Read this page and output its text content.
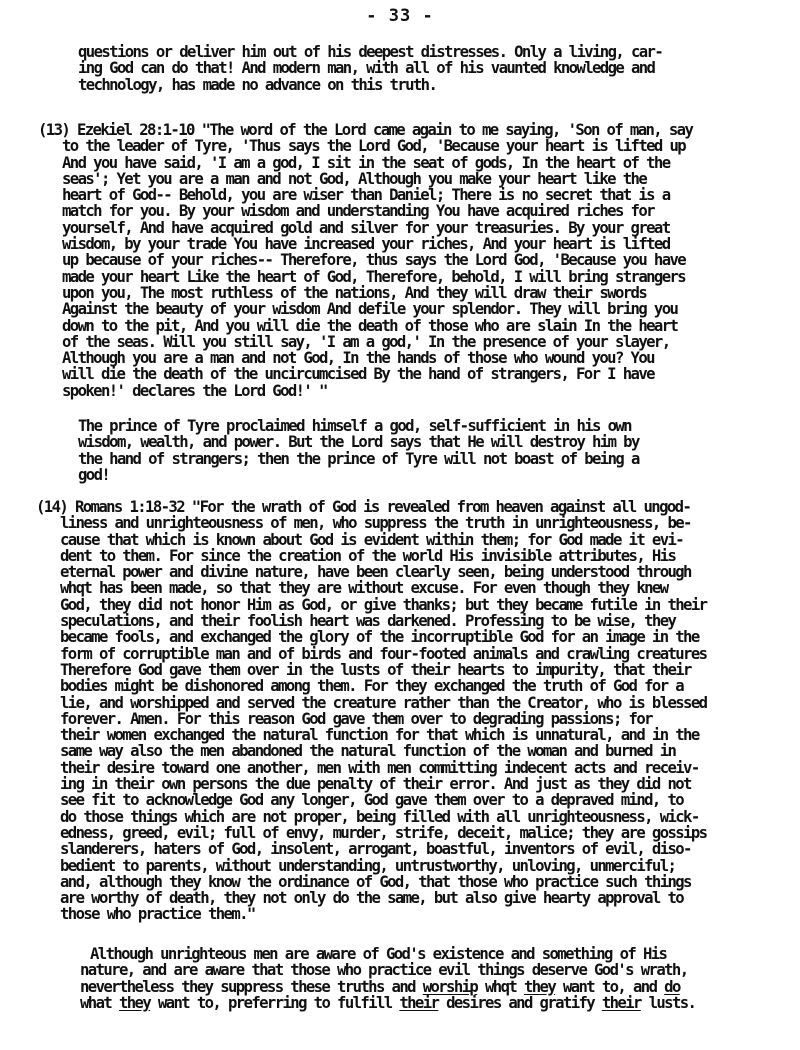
- 33 -
questions or deliver him out of his deepest distresses. Only a living, car-
ing God can do that! And modern man, with all of his vaunted knowledge and
technology, has made no advance on this truth.
(13) Ezekiel 28:1-10 "The word of the Lord came again to me saying, 'Son of man, say
to the leader of Tyre, 'Thus says the Lord God, 'Because your heart is lifted up
And you have said, 'I am a god, I sit in the seat of gods, In the heart of the
seas'; Yet you are a man and not God, Although you make your heart like the
heart of God-- Behold, you are wiser than Daniel; There is no secret that is a
match for you. By your wisdom and understanding You have acquired riches for
yourself, And have acquired gold and silver for your treasuries. By your great
wisdom, by your trade You have increased your riches, And your heart is lifted
up because of your riches-- Therefore, thus says the Lord God, 'Because you have
made your heart Like the heart of God, Therefore, behold, I will bring strangers
upon you, The most ruthless of the nations, And they will draw their swords
Against the beauty of your wisdom And defile your splendor. They will bring you
down to the pit, And you will die the death of those who are slain In the heart
of the seas. Will you still say, 'I am a god,' In the presence of your slayer,
Although you are a man and not God, In the hands of those who wound you? You
will die the death of the uncircumcised By the hand of strangers, For I have
spoken!' declares the Lord God!' "
The prince of Tyre proclaimed himself a god, self-sufficient in his own
wisdom, wealth, and power. But the Lord says that He will destroy him by
the hand of strangers; then the prince of Tyre will not boast of being a
god!
(14) Romans 1:18-32 "For the wrath of God is revealed from heaven against all ungod-
liness and unrighteousness of men, who suppress the truth in unrighteousness, be-
cause that which is known about God is evident within them; for God made it evi-
dent to them. For since the creation of the world His invisible attributes, His
eternal power and divine nature, have been clearly seen, being understood through
whqt has been made, so that they are without excuse. For even though they knew
God, they did not honor Him as God, or give thanks; but they became futile in their
speculations, and their foolish heart was darkened. Professing to be wise, they
became fools, and exchanged the glory of the incorruptible God for an image in the
form of corruptible man and of birds and four-footed animals and crawling creatures
Therefore God gave them over in the lusts of their hearts to impurity, that their
bodies might be dishonored among them. For they exchanged the truth of God for a
lie, and worshipped and served the creature rather than the Creator, who is blessed
forever. Amen. For this reason God gave them over to degrading passions; for
their women exchanged the natural function for that which is unnatural, and in the
same way also the men abandoned the natural function of the woman and burned in
their desire toward one another, men with men committing indecent acts and receiv-
ing in their own persons the due penalty of their error. And just as they did not
see fit to acknowledge God any longer, God gave them over to a depraved mind, to
do those things which are not proper, being filled with all unrighteousness, wick-
edness, greed, evil; full of envy, murder, strife, deceit, malice; they are gossips
slanderers, haters of God, insolent, arrogant, boastful, inventors of evil, diso-
bedient to parents, without understanding, untrustworthy, unloving, unmerciful;
and, although they know the ordinance of God, that those who practice such things
are worthy of death, they not only do the same, but also give hearty approval to
those who practice them."
Although unrighteous men are aware of God's existence and something of His
nature, and are aware that those who practice evil things deserve God's wrath,
nevertheless they suppress these truths and worship whqt they want to, and do
what they want to, preferring to fulfill their desires and gratify their lusts.
